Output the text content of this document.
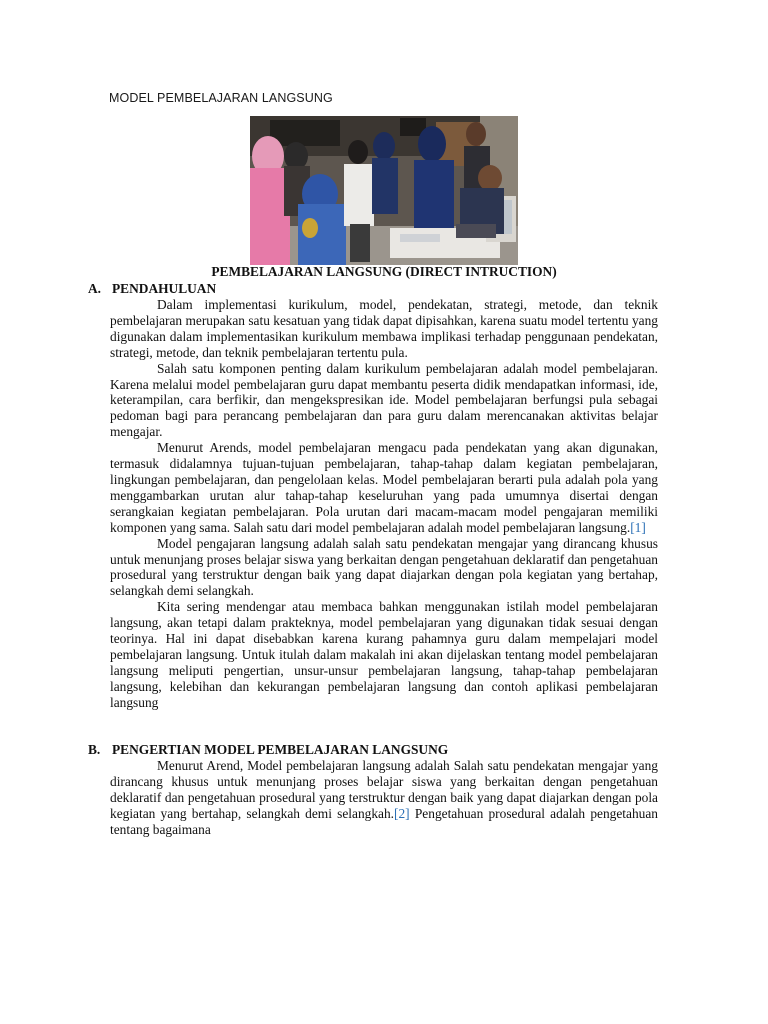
MODEL PEMBELAJARAN LANGSUNG
PEMBELAJARAN LANGSUNG (DIRECT INTRUCTION)
A. PENDAHULUAN

Dalam implementasi kurikulum, model, pendekatan, strategi, metode, dan teknik pembelajaran merupakan satu kesatuan yang tidak dapat dipisahkan, karena suatu model tertentu yang digunakan dalam implementasikan kurikulum membawa implikasi terhadap penggunaan pendekatan, strategi, metode, dan teknik pembelajaran tertentu pula.

Salah satu komponen penting dalam kurikulum pembelajaran adalah model pembelajaran. Karena melalui model pembelajaran guru dapat membantu peserta didik mendapatkan informasi, ide, keterampilan, cara berfikir, dan mengekspresikan ide. Model pembelajaran berfungsi pula sebagai pedoman bagi para perancang pembelajaran dan para guru dalam merencanakan aktivitas belajar mengajar.

Menurut Arends, model pembelajaran mengacu pada pendekatan yang akan digunakan, termasuk didalamnya tujuan-tujuan pembelajaran, tahap-tahap dalam kegiatan pembelajaran, lingkungan pembelajaran, dan pengelolaan kelas. Model pembelajaran berarti pula adalah pola yang menggambarkan urutan alur tahap-tahap keseluruhan yang pada umumnya disertai dengan serangkaian kegiatan pembelajaran. Pola urutan dari macam-macam model pengajaran memiliki komponen yang sama. Salah satu dari model pembelajaran adalah model pembelajaran langsung.[1]

Model pengajaran langsung adalah salah satu pendekatan mengajar yang dirancang khusus untuk menunjang proses belajar siswa yang berkaitan dengan pengetahuan deklaratif dan pengetahuan prosedural yang terstruktur dengan baik yang dapat diajarkan dengan pola kegiatan yang bertahap, selangkah demi selangkah.

Kita sering mendengar atau membaca bahkan menggunakan istilah model pembelajaran langsung, akan tetapi dalam prakteknya, model pembelajaran yang digunakan tidak sesuai dengan teorinya. Hal ini dapat disebabkan karena kurang pahamnya guru dalam mempelajari model pembelajaran langsung. Untuk itulah dalam makalah ini akan dijelaskan tentang model pembelajaran langsung meliputi pengertian, unsur-unsur pembelajaran langsung, tahap-tahap pembelajaran langsung, kelebihan dan kekurangan pembelajaran langsung dan contoh aplikasi pembelajaran langsung

B. PENGERTIAN MODEL PEMBELAJARAN LANGSUNG

Menurut Arend, Model pembelajaran langsung adalah Salah satu pendekatan mengajar yang dirancang khusus untuk menunjang proses belajar siswa yang berkaitan dengan pengetahuan deklaratif dan pengetahuan prosedural yang terstruktur dengan baik yang dapat diajarkan dengan pola kegiatan yang bertahap, selangkah demi selangkah.[2] Pengetahuan prosedural adalah pengetahuan tentang bagaimana
